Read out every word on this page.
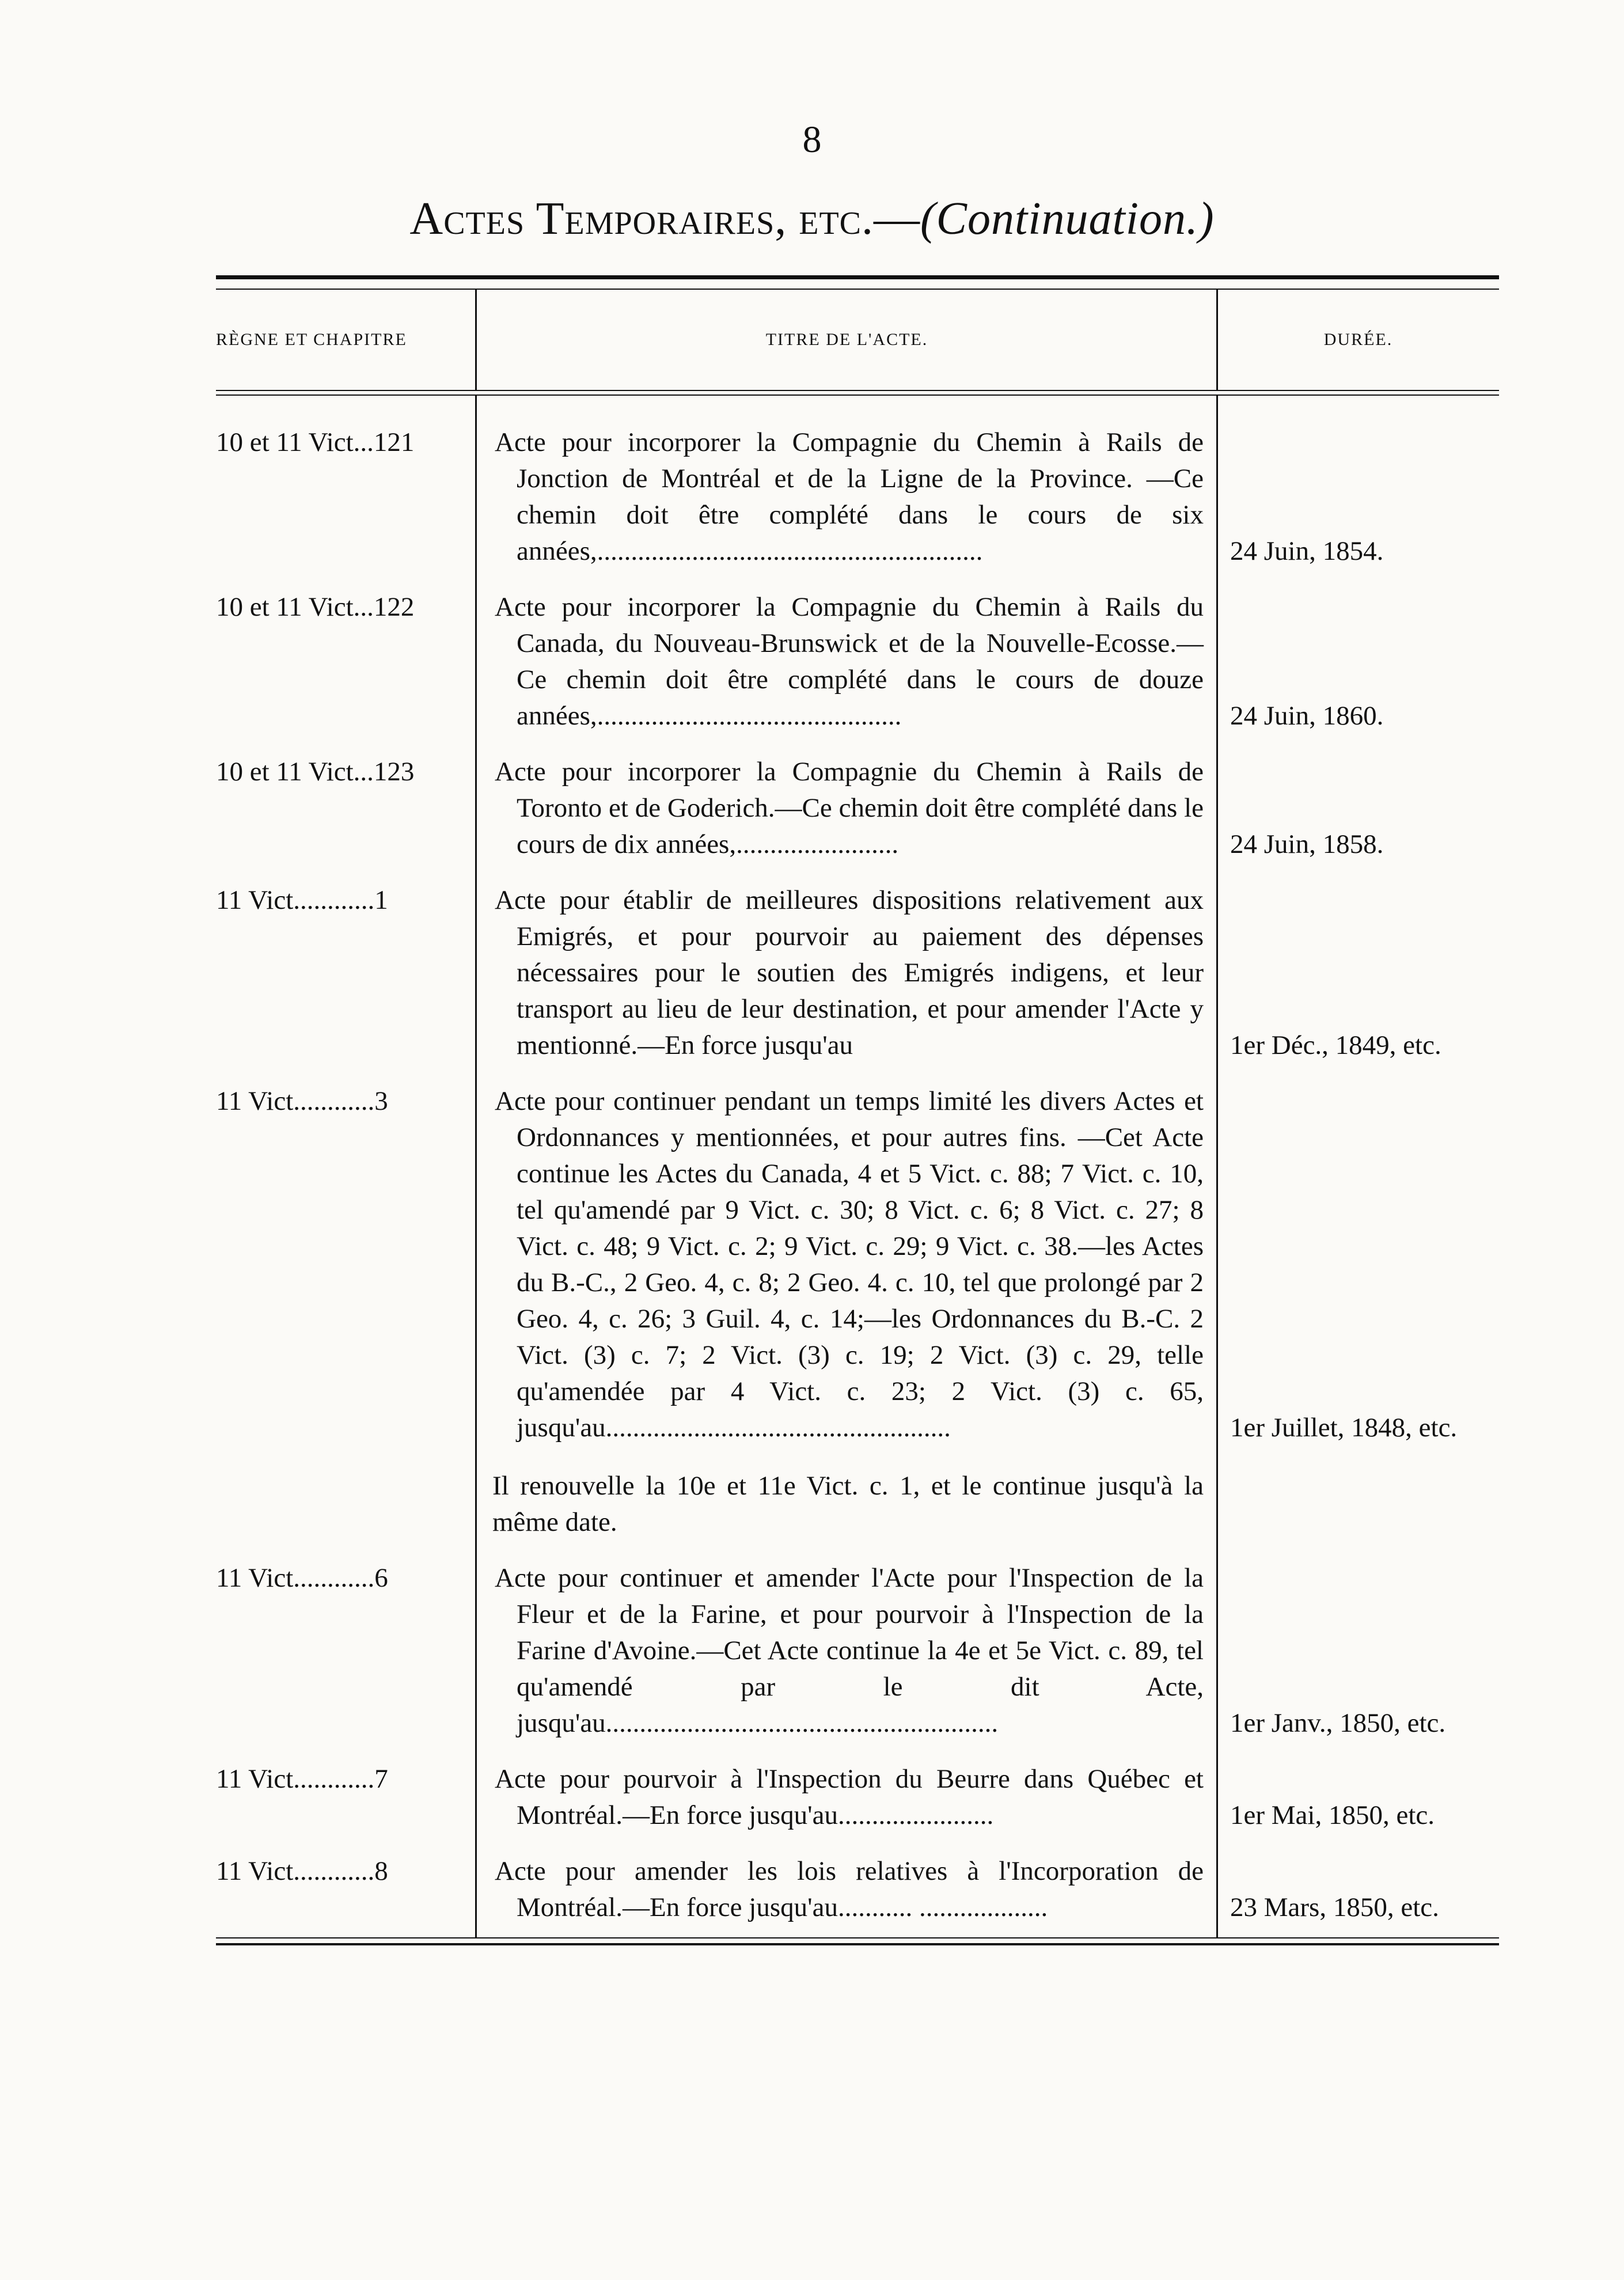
8
Actes Temporaires, etc.—(Continuation.)
RÈGNE ET CHAPITRE	TITRE DE L'ACTE.	DURÉE.
10 et 11 Vict...121	Acte pour incorporer la Compagnie du Chemin à Rails de Jonction de Montréal et de la Ligne de la Province. —Ce chemin doit être complété dans le cours de six années,.........................................................	24 Juin, 1854.
10 et 11 Vict...122	Acte pour incorporer la Compagnie du Chemin à Rails du Canada, du Nouveau-Brunswick et de la Nouvelle-Ecosse.—Ce chemin doit être complété dans le cours de douze années,.............................................	24 Juin, 1860.
10 et 11 Vict...123	Acte pour incorporer la Compagnie du Chemin à Rails de Toronto et de Goderich.—Ce chemin doit être complété dans le cours de dix années,........................	24 Juin, 1858.
11 Vict............1	Acte pour établir de meilleures dispositions relativement aux Emigrés, et pour pourvoir au paiement des dépenses nécessaires pour le soutien des Emigrés indigens, et leur transport au lieu de leur destination, et pour amender l'Acte y mentionné.—En force jusqu'au	1er Déc., 1849, etc.
11 Vict............3	Acte pour continuer pendant un temps limité les divers Actes et Ordonnances y mentionnées, et pour autres fins. —Cet Acte continue les Actes du Canada, 4 et 5 Vict. c. 88; 7 Vict. c. 10, tel qu'amendé par 9 Vict. c. 30; 8 Vict. c. 6; 8 Vict. c. 27; 8 Vict. c. 48; 9 Vict. c. 2; 9 Vict. c. 29; 9 Vict. c. 38.—les Actes du B.-C., 2 Geo. 4, c. 8; 2 Geo. 4. c. 10, tel que prolongé par 2 Geo. 4, c. 26; 3 Guil. 4, c. 14;—les Ordonnances du B.-C. 2 Vict. (3) c. 7; 2 Vict. (3) c. 19; 2 Vict. (3) c. 29, telle qu'amendée par 4 Vict. c. 23; 2 Vict. (3) c. 65, jusqu'au...................................................	1er Juillet, 1848, etc.
Il renouvelle la 10e et 11e Vict. c. 1, et le continue jusqu'à la même date.
11 Vict............6	Acte pour continuer et amender l'Acte pour l'Inspection de la Fleur et de la Farine, et pour pourvoir à l'Inspection de la Farine d'Avoine.—Cet Acte continue la 4e et 5e Vict. c. 89, tel qu'amendé par le dit Acte, jusqu'au..........................................................	1er Janv., 1850, etc.
11 Vict............7	Acte pour pourvoir à l'Inspection du Beurre dans Québec et Montréal.—En force jusqu'au.......................	1er Mai, 1850, etc.
11 Vict............8	Acte pour amender les lois relatives à l'Incorporation de Montréal.—En force jusqu'au........... ...................	23 Mars, 1850, etc.
